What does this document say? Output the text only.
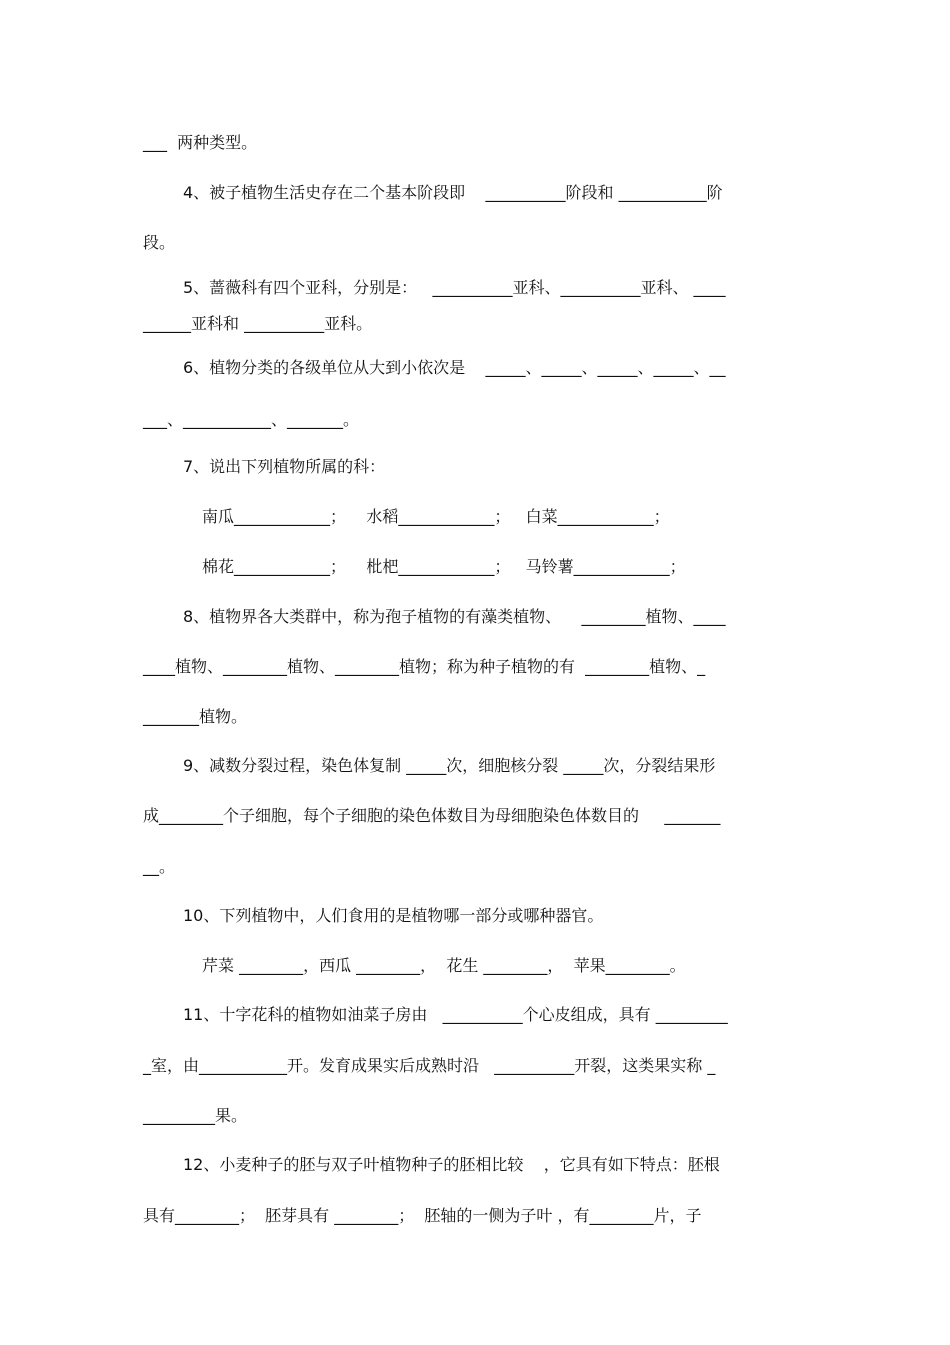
___  两种类型。
4、被子植物生活史存在二个基本阶段即    __________阶段和 ___________阶
段。
5、蔷薇科有四个亚科，分别是：   __________亚科、__________亚科、 ____
______亚科和 __________亚科。
6、植物分类的各级单位从大到小依次是    _____、_____、_____、_____、__
___、___________、_______。
7、说出下列植物所属的科：
南瓜____________；    水稻____________；   白菜____________；
棉花____________；    枇杷____________；   马铃薯____________；
8、植物界各大类群中，称为孢子植物的有藻类植物、    ________植物、____
____植物、________植物、________植物；称为种子植物的有  ________植物、_
_______植物。
9、减数分裂过程，染色体复制 _____次，细胞核分裂 _____次，分裂结果形
成________个子细胞，每个子细胞的染色体数目为母细胞染色体数目的     _______
__。
10、下列植物中，人们食用的是植物哪一部分或哪种器官。
芹菜 ________，西瓜 ________，  花生 ________，  苹果________。
11、十字花科的植物如油菜子房由   __________个心皮组成，具有 _________
_室，由___________开。发育成果实后成熟时沿   __________开裂，这类果实称 _
_________果。
12、小麦种子的胚与双子叶植物种子的胚相比较    ，它具有如下特点：胚根
具有________；  胚芽具有 ________；  胚轴的一侧为子叶 ，有________片，子
